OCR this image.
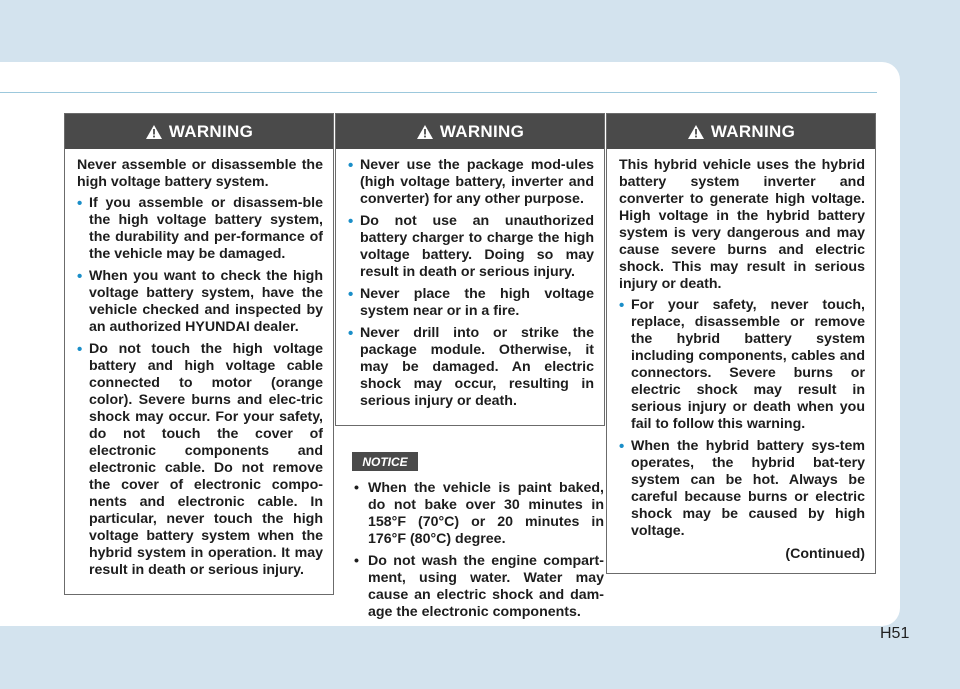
WARNING

Never assemble or disassemble the high voltage battery system.

• If you assemble or disassem-ble the high voltage battery system, the durability and per-formance of the vehicle may be damaged.
• When you want to check the high voltage battery system, have the vehicle checked and inspected by an authorized HYUNDAI dealer.
• Do not touch the high voltage battery and high voltage cable connected to motor (orange color). Severe burns and elec-tric shock may occur. For your safety, do not touch the cover of electronic components and electronic cable. Do not remove the cover of electronic compo-nents and electronic cable. In particular, never touch the high voltage battery system when the hybrid system in operation. It may result in death or serious injury.
WARNING
• Never use the package mod-ules (high voltage battery, inverter and converter) for any other purpose.
• Do not use an unauthorized battery charger to charge the high voltage battery. Doing so may result in death or serious injury.
• Never place the high voltage system near or in a fire.
• Never drill into or strike the package module. Otherwise, it may be damaged. An electric shock may occur, resulting in serious injury or death.
NOTICE
• When the vehicle is paint baked, do not bake over 30 minutes in 158°F (70°C) or 20 minutes in 176°F (80°C) degree.
• Do not wash the engine compart-ment, using water. Water may cause an electric shock and dam-age the electronic components.
WARNING

This hybrid vehicle uses the hybrid battery system inverter and converter to generate high voltage. High voltage in the hybrid battery system is very dangerous and may cause severe burns and electric shock. This may result in serious injury or death.

• For your safety, never touch, replace, disassemble or remove the hybrid battery system including components, cables and connectors. Severe burns or electric shock may result in serious injury or death when you fail to follow this warning.
• When the hybrid battery sys-tem operates, the hybrid bat-tery system can be hot. Always be careful because burns or electric shock may be caused by high voltage.
(Continued)
H51
